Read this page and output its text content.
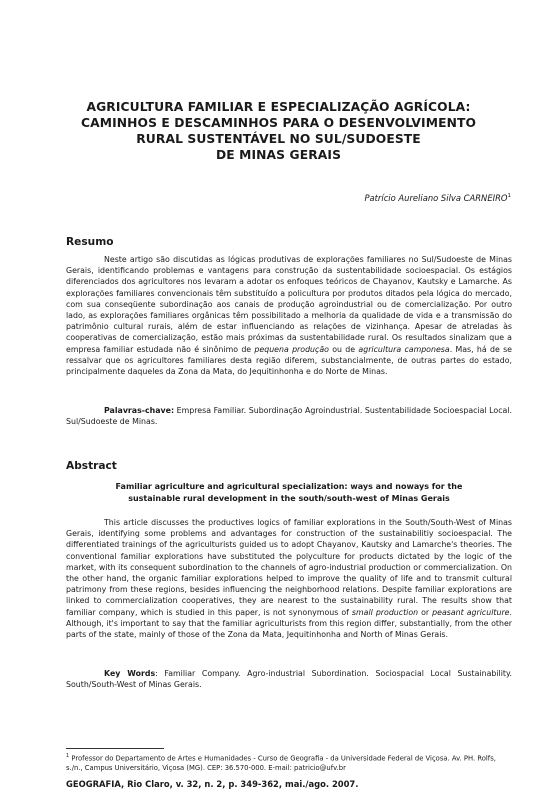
AGRICULTURA FAMILIAR E ESPECIALIZAÇÃO AGRÍCOLA:
CAMINHOS E DESCAMINHOS PARA O DESENVOLVIMENTO
RURAL SUSTENTÁVEL NO SUL/SUDOESTE
DE MINAS GERAIS
Patrício Aureliano Silva CARNEIRO$^1$
Resumo
Neste artigo são discutidas as lógicas produtivas de explorações familiares no Sul/Sudoeste de Minas Gerais, identificando problemas e vantagens para construção da sustentabilidade socioespacial. Os estágios diferenciados dos agricultores nos levaram a adotar os enfoques teóricos de Chayanov, Kautsky e Lamarche. As explorações familiares convencionais têm substituído a policultura por produtos ditados pela lógica do mercado, com sua conseqüente subordinação aos canais de produção agroindustrial ou de comercialização. Por outro lado, as explorações familiares orgânicas têm possibilitado a melhoria da qualidade de vida e a transmissão do patrimônio cultural rurais, além de estar influenciando as relações de vizinhança. Apesar de atreladas às cooperativas de comercialização, estão mais próximas da sustentabilidade rural. Os resultados sinalizam que a empresa familiar estudada não é sinônimo de pequena produção ou de agricultura camponesa. Mas, há de se ressalvar que os agricultores familiares desta região diferem, substancialmente, de outras partes do estado, principalmente daqueles da Zona da Mata, do Jequitinhonha e do Norte de Minas.
Palavras-chave: Empresa Familiar. Subordinação Agroindustrial. Sustentabilidade Socioespacial Local. Sul/Sudoeste de Minas.
Abstract
Familiar agriculture and agricultural specialization: ways and noways for the
sustainable rural development in the south/south-west of Minas Gerais
This article discusses the productives logics of familiar explorations in the South/South-West of Minas Gerais, identifying some problems and advantages for construction of the sustainabilitiy socioespacial. The differentiated trainings of the agriculturists guided us to adopt Chayanov, Kautsky and Lamarche's theories. The conventional familiar explorations have substituted the polyculture for products dictated by the logic of the market, with its consequent subordination to the channels of agro-industrial production or commercialization. On the other hand, the organic familiar explorations helped to improve the quality of life and to transmit cultural patrimony from these regions, besides influencing the neighborhood relations. Despite familiar explorations are linked to commercialization cooperatives, they are nearest to the sustainability rural. The results show that familiar company, which is studied in this paper, is not synonymous of small production or peasant agriculture. Although, it's important to say that the familiar agriculturists from this region differ, substantially, from the other parts of the state, mainly of those of the Zona da Mata, Jequitinhonha and North of Minas Gerais.
Key Words: Familiar Company. Agro-industrial Subordination. Sociospacial Local Sustainability. South/South-West of Minas Gerais.
$^1$ Professor do Departamento de Artes e Humanidades - Curso de Geografia - da Universidade Federal de Viçosa. Av. PH. Rolfs, s./n., Campus Universitário, Viçosa (MG). CEP: 36.570-000. E-mail: patricio@ufv.br
GEOGRAFIA, Rio Claro, v. 32, n. 2, p. 349-362, mai./ago. 2007.
